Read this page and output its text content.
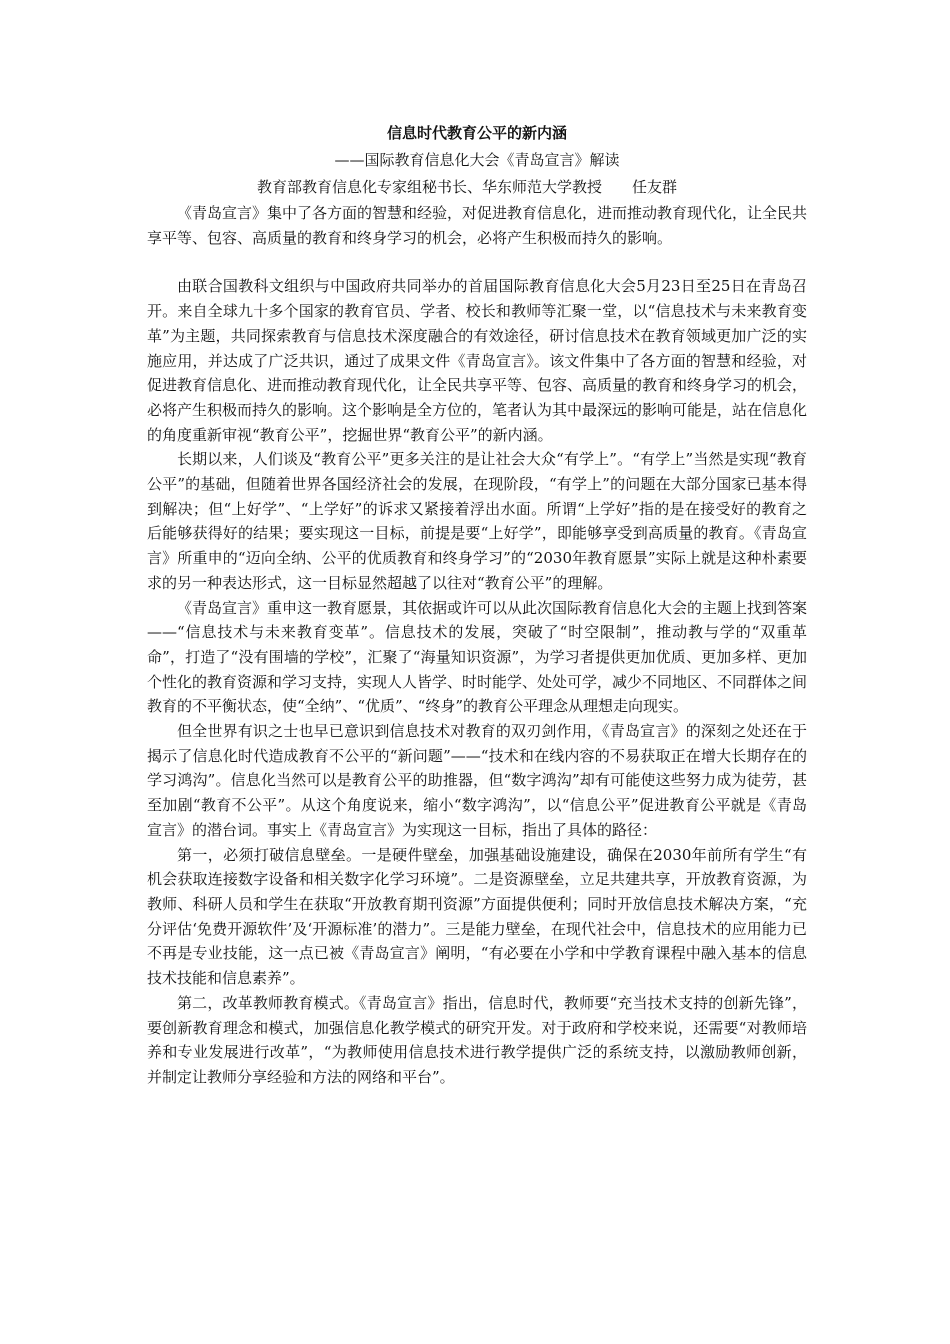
信息时代教育公平的新内涵
——国际教育信息化大会《青岛宣言》解读
教育部教育信息化专家组秘书长、华东师范大学教授 任友群

《青岛宣言》集中了各方面的智慧和经验，对促进教育信息化，进而推动教育现代化，让全民共享平等、包容、高质量的教育和终身学习的机会，必将产生积极而持久的影响。

由联合国教科文组织与中国政府共同举办的首届国际教育信息化大会5月23日至25日在青岛召开。来自全球九十多个国家的教育官员、学者、校长和教师等汇聚一堂，以“信息技术与未来教育变革”为主题，共同探索教育与信息技术深度融合的有效途径，研讨信息技术在教育领域更加广泛的实施应用，并达成了广泛共识，通过了成果文件《青岛宣言》。该文件集中了各方面的智慧和经验，对促进教育信息化、进而推动教育现代化，让全民共享平等、包容、高质量的教育和终身学习的机会，必将产生积极而持久的影响。这个影响是全方位的，笔者认为其中最深远的影响可能是，站在信息化的角度重新审视“教育公平”，挖掘世界“教育公平”的新内涵。

长期以来，人们谈及“教育公平”更多关注的是让社会大众“有学上”。“有学上”当然是实现“教育公平”的基础，但随着世界各国经济社会的发展，在现阶段，“有学上”的问题在大部分国家已基本得到解决；但“上好学”、“上学好”的诉求又紧接着浮出水面。所谓“上学好”指的是在接受好的教育之后能够获得好的结果；要实现这一目标，前提是要“上好学”，即能够享受到高质量的教育。《青岛宣言》所重申的“迈向全纳、公平的优质教育和终身学习”的“2030年教育愿景”实际上就是这种朴素要求的另一种表达形式，这一目标显然超越了以往对“教育公平”的理解。

《青岛宣言》重申这一教育愿景，其依据或许可以从此次国际教育信息化大会的主题上找到答案——“信息技术与未来教育变革”。信息技术的发展，突破了“时空限制”，推动教与学的“双重革命”，打造了“没有围墙的学校”，汇聚了“海量知识资源”，为学习者提供更加优质、更加多样、更加个性化的教育资源和学习支持，实现人人皆学、时时能学、处处可学，减少不同地区、不同群体之间教育的不平衡状态，使“全纳”、“优质”、“终身”的教育公平理念从理想走向现实。

但全世界有识之士也早已意识到信息技术对教育的双刃剑作用，《青岛宣言》的深刻之处还在于揭示了信息化时代造成教育不公平的“新问题”——“技术和在线内容的不易获取正在增大长期存在的学习鸿沟”。信息化当然可以是教育公平的助推器，但“数字鸿沟”却有可能使这些努力成为徒劳，甚至加剧“教育不公平”。从这个角度说来，缩小“数字鸿沟”，以“信息公平”促进教育公平就是《青岛宣言》的潜台词。事实上《青岛宣言》为实现这一目标，指出了具体的路径：

第一，必须打破信息壁垒。一是硬件壁垒，加强基础设施建设，确保在2030年前所有学生“有机会获取连接数字设备和相关数字化学习环境”。二是资源壁垒，立足共建共享，开放教育资源，为教师、科研人员和学生在获取“开放教育期刊资源”方面提供便利；同时开放信息技术解决方案，“充分评估‘免费开源软件’及‘开源标准’的潜力”。三是能力壁垒，在现代社会中，信息技术的应用能力已不再是专业技能，这一点已被《青岛宣言》阐明，“有必要在小学和中学教育课程中融入基本的信息技术技能和信息素养”。

第二，改革教师教育模式。《青岛宣言》指出，信息时代，教师要“充当技术支持的创新先锋”，要创新教育理念和模式，加强信息化教学模式的研究开发。对于政府和学校来说，还需要“对教师培养和专业发展进行改革”，“为教师使用信息技术进行教学提供广泛的系统支持，以激励教师创新，并制定让教师分享经验和方法的网络和平台”。
